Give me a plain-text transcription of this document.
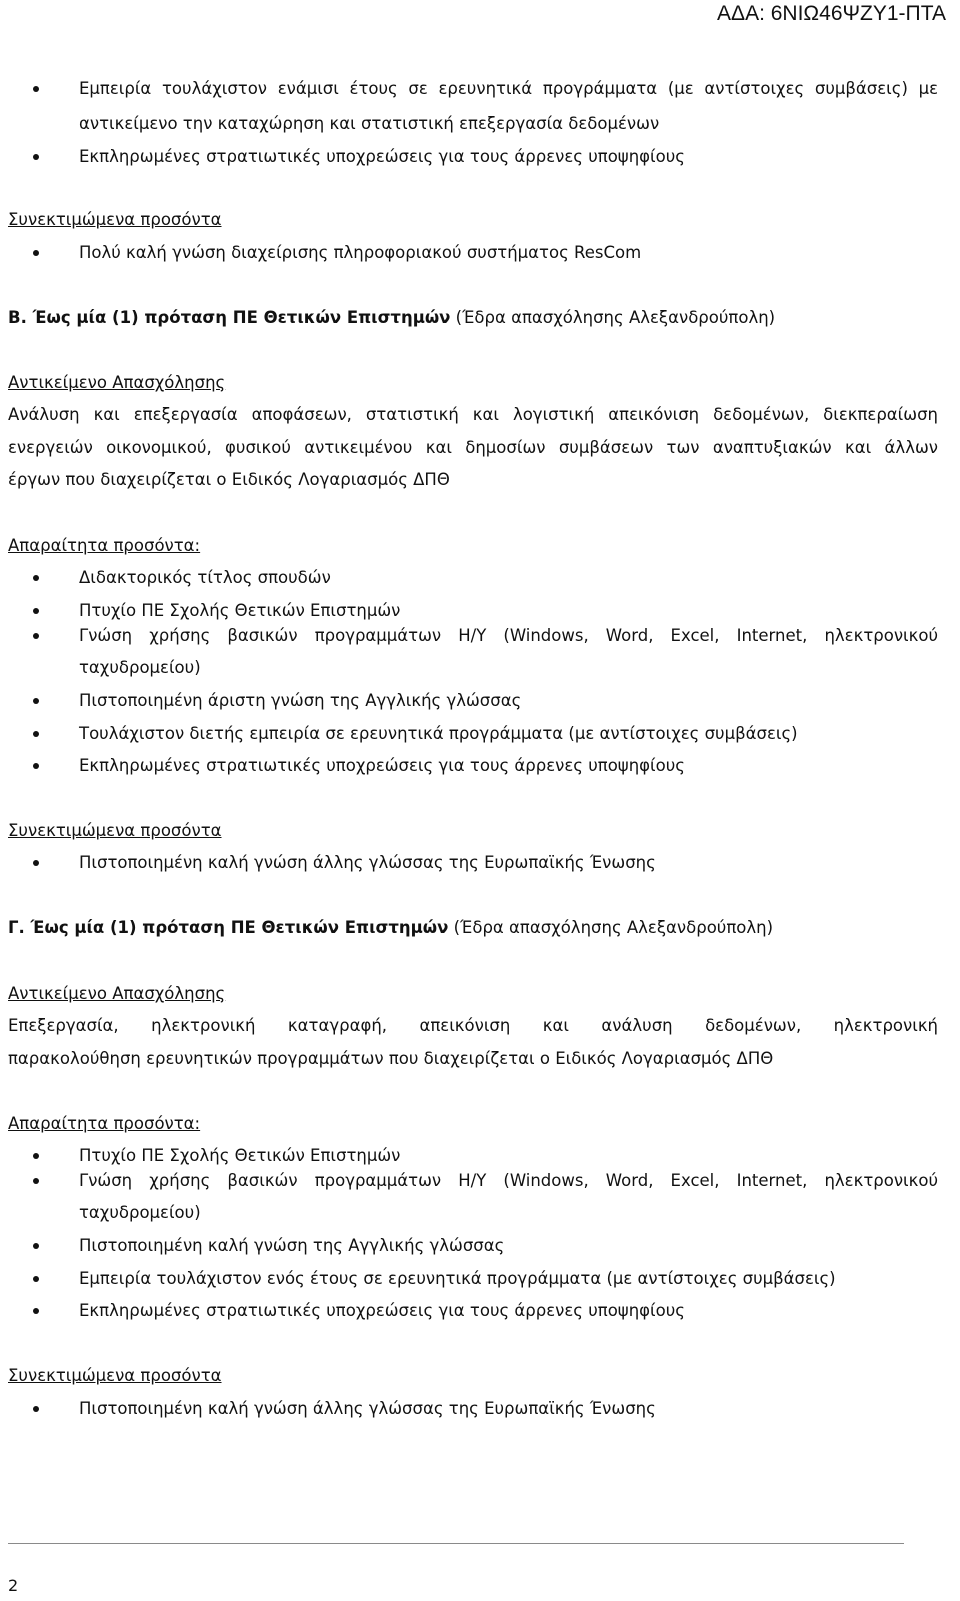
ΑΔΑ: 6ΝΙΩ46ΨΖΥ1-ΠΤΑ
Εμπειρία τουλάχιστον ενάμισι έτους σε ερευνητικά προγράμματα (με αντίστοιχες συμβάσεις) με
αντικείμενο την καταχώρηση και στατιστική επεξεργασία δεδομένων
Εκπληρωμένες στρατιωτικές υποχρεώσεις για τους άρρενες υποψηφίους
Συνεκτιμώμενα προσόντα
Πολύ καλή γνώση διαχείρισης πληροφοριακού συστήματος ResCom
Β. Έως μία (1) πρόταση ΠΕ Θετικών Επιστημών (Έδρα απασχόλησης Αλεξανδρούπολη)
Αντικείμενο Απασχόλησης
Ανάλυση και επεξεργασία αποφάσεων, στατιστική και λογιστική απεικόνιση δεδομένων, διεκπεραίωση
ενεργειών οικονομικού, φυσικού αντικειμένου και δημοσίων συμβάσεων των αναπτυξιακών και άλλων
έργων που διαχειρίζεται ο Ειδικός Λογαριασμός ΔΠΘ
Απαραίτητα προσόντα:
Διδακτορικός τίτλος σπουδών
Πτυχίο ΠΕ Σχολής Θετικών Επιστημών
Γνώση χρήσης βασικών προγραμμάτων Η/Υ (Windows, Word, Excel, Internet, ηλεκτρονικού
ταχυδρομείου)
Πιστοποιημένη άριστη γνώση της Αγγλικής γλώσσας
Τουλάχιστον διετής εμπειρία σε ερευνητικά προγράμματα (με αντίστοιχες συμβάσεις)
Εκπληρωμένες στρατιωτικές υποχρεώσεις για τους άρρενες υποψηφίους
Συνεκτιμώμενα προσόντα
Πιστοποιημένη καλή γνώση άλλης γλώσσας της Ευρωπαϊκής Ένωσης
Γ. Έως μία (1) πρόταση ΠΕ Θετικών Επιστημών (Έδρα απασχόλησης Αλεξανδρούπολη)
Αντικείμενο Απασχόλησης
Επεξεργασία, ηλεκτρονική καταγραφή, απεικόνιση και ανάλυση δεδομένων, ηλεκτρονική
παρακολούθηση ερευνητικών προγραμμάτων που διαχειρίζεται ο Ειδικός Λογαριασμός ΔΠΘ
Απαραίτητα προσόντα:
Πτυχίο ΠΕ Σχολής Θετικών Επιστημών
Γνώση χρήσης βασικών προγραμμάτων Η/Υ (Windows, Word, Excel, Internet, ηλεκτρονικού
ταχυδρομείου)
Πιστοποιημένη καλή γνώση της Αγγλικής γλώσσας
Εμπειρία τουλάχιστον ενός έτους σε ερευνητικά προγράμματα (με αντίστοιχες συμβάσεις)
Εκπληρωμένες στρατιωτικές υποχρεώσεις για τους άρρενες υποψηφίους
Συνεκτιμώμενα προσόντα
Πιστοποιημένη καλή γνώση άλλης γλώσσας της Ευρωπαϊκής Ένωσης
2
